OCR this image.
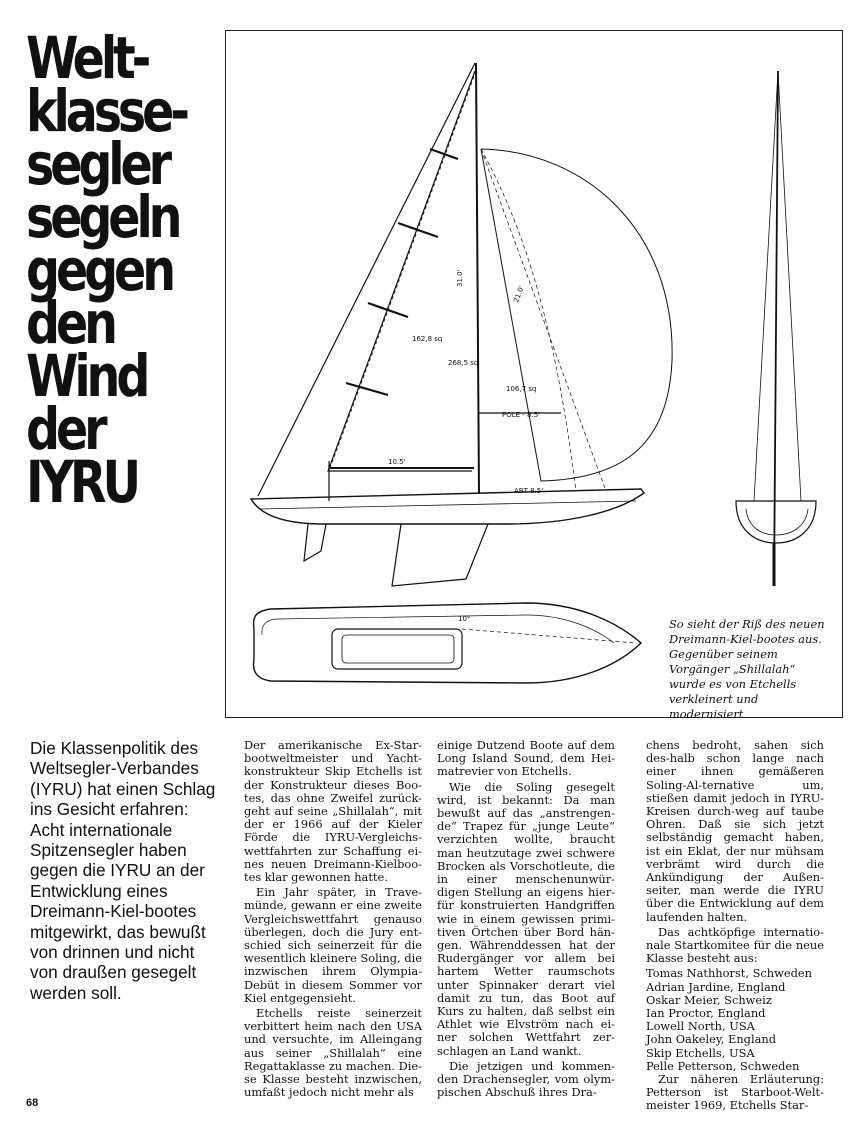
Welt-
klasse-
segler
segeln
gegen
den
Wind
der
IYRU
31.0'
21.0'
162,8 sq
268,5 sq
106,7 sq
POLE - 8.5'
10.5'
ABT 8.5'
10°	So sieht der Riß des neuen Dreimann-Kiel-bootes aus. Gegenüber seinem Vorgänger „Shillalah“ wurde es von Etchells verkleinert und modernisiert
Die Klassenpolitik des Weltsegler-Verbandes (IYRU) hat einen Schlag ins Gesicht erfahren: Acht internationale Spitzensegler haben gegen die IYRU an der Entwicklung eines Dreimann-Kiel-bootes mitgewirkt, das bewußt von drinnen und nicht von draußen gesegelt werden soll.

Der amerikanische Ex-Star-bootweltmeister und Yacht-konstrukteur Skip Etchells ist der Konstrukteur dieses Boo-tes, das ohne Zweifel zurück-geht auf seine „Shillalah“, mit der er 1966 auf der Kieler Förde die IYRU-Vergleichs-wettfahrten zur Schaffung ei-nes neuen Dreimann-Kielboo-tes klar gewonnen hatte.

Ein Jahr später, in Trave-münde, gewann er eine zweite Vergleichswettfahrt genauso überlegen, doch die Jury ent-schied sich seinerzeit für die wesentlich kleinere Soling, die inzwischen ihrem Olympia-Debüt in diesem Sommer vor Kiel entgegensieht.

Etchells reiste seinerzeit verbittert heim nach den USA und versuchte, im Alleingang aus seiner „Shillalah“ eine Regattaklasse zu machen. Die-se Klasse besteht inzwischen, umfaßt jedoch nicht mehr als

einige Dutzend Boote auf dem Long Island Sound, dem Hei-matrevier von Etchells.

Wie die Soling gesegelt wird, ist bekannt: Da man bewußt auf das „anstrengen-de“ Trapez für „junge Leute“ verzichten wollte, braucht man heutzutage zwei schwere Brocken als Vorschotleute, die in einer menschenunwür-digen Stellung an eigens hier-für konstruierten Handgriffen wie in einem gewissen primi-tiven Örtchen über Bord hän-gen. Währenddessen hat der Rudergänger vor allem bei hartem Wetter raumschots unter Spinnaker derart viel damit zu tun, das Boot auf Kurs zu halten, daß selbst ein Athlet wie Elvström nach ei-ner solchen Wettfahrt zer-schlagen an Land wankt.

Die jetzigen und kommen-den Drachensegler, vom olym-pischen Abschuß ihres Dra-

chens bedroht, sahen sich des-halb schon lange nach einer ihnen gemäßeren Soling-Al-ternative um, stießen damit jedoch in IYRU-Kreisen durch-weg auf taube Ohren. Daß sie sich jetzt selbständig gemacht haben, ist ein Eklat, der nur mühsam verbrämt wird durch die Ankündigung der Außen-seiter, man werde die IYRU über die Entwicklung auf dem laufenden halten.

Das achtköpfige internatio-nale Startkomitee für die neue Klasse besteht aus:

Tomas Nathhorst, Schweden
Adrian Jardine, England
Oskar Meier, Schweiz
Ian Proctor, England
Lowell North, USA
John Oakeley, England
Skip Etchells, USA
Pelle Petterson, Schweden

Zur näheren Erläuterung: Petterson ist Starboot-Welt-meister 1969, Etchells Star-

68
